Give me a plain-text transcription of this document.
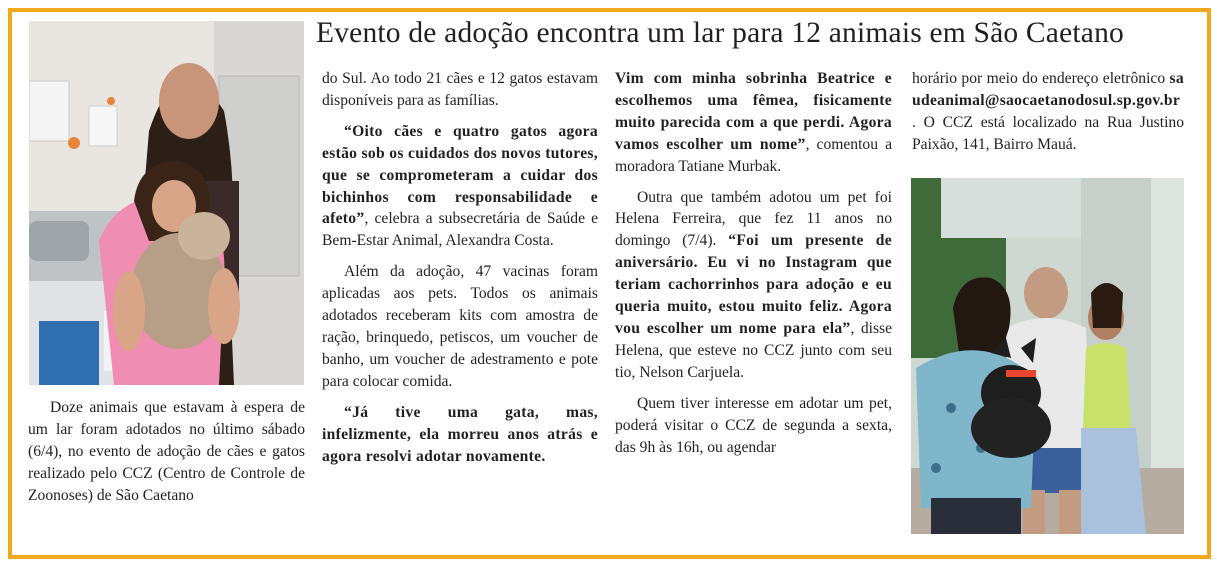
Evento de adoção encontra um lar para 12 animais em São Caetano

Doze animais que estavam à espera de um lar foram adotados no último sábado (6/4), no evento de adoção de cães e gatos realizado pelo CCZ (Centro de Controle de Zoonoses) de São Caetano

do Sul. Ao todo 21 cães e 12 gatos estavam disponíveis para as famílias.

“Oito cães e quatro gatos agora estão sob os cuidados dos novos tutores, que se comprometeram a cuidar dos bichinhos com responsabilidade e afeto”, celebra a subsecretária de Saúde e Bem-Estar Animal, Alexandra Costa.

Além da adoção, 47 vacinas foram aplicadas aos pets. Todos os animais adotados receberam kits com amostra de ração, brinquedo, petiscos, um voucher de banho, um voucher de adestramento e pote para colocar comida.

“Já tive uma gata, mas, infelizmente, ela morreu anos atrás e agora resolvi adotar novamente.

Vim com minha sobrinha Beatrice e escolhemos uma fêmea, fisicamente muito parecida com a que perdi. Agora vamos escolher um nome”, comentou a moradora Tatiane Murbak.

Outra que também adotou um pet foi Helena Ferreira, que fez 11 anos no domingo (7/4). “Foi um presente de aniversário. Eu vi no Instagram que teriam cachorrinhos para adoção e eu queria muito, estou muito feliz. Agora vou escolher um nome para ela”, disse Helena, que esteve no CCZ junto com seu tio, Nelson Carjuela.

Quem tiver interesse em adotar um pet, poderá visitar o CCZ de segunda a sexta, das 9h às 16h, ou agendar

horário por meio do endereço eletrônico saudeanimal@saocaetanodosul.sp.gov.br . O CCZ está localizado na Rua Justino Paixão, 141, Bairro Mauá.
